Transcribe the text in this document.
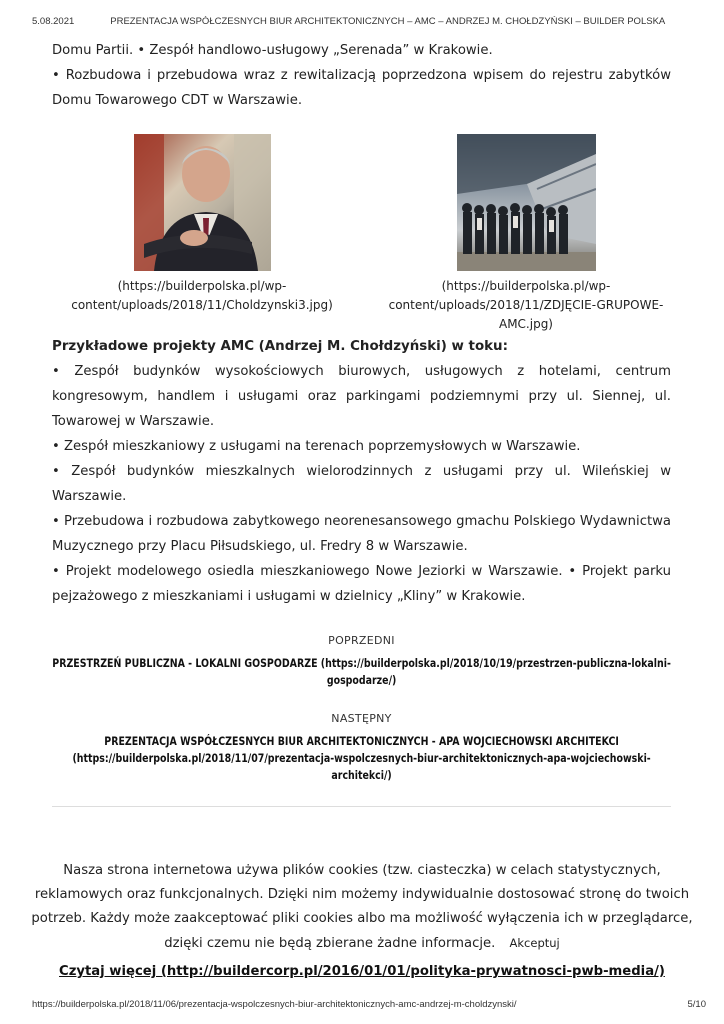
5.08.2021	PREZENTACJA WSPÓŁCZESNYCH BIUR ARCHITEKTONICZNYCH – AMC – ANDRZEJ M. CHOŁDZYŃSKI – BUILDER POLSKA

Domu Partii. • Zespół handlowo-usługowy „Serenada” w Krakowie.

• Rozbudowa i przebudowa wraz z rewitalizacją poprzedzona wpisem do rejestru zabytków Domu Towarowego CDT w Warszawie.

(https://builderpolska.pl/wp-content/uploads/2018/11/Choldzynski3.jpg)
(https://builderpolska.pl/wp-content/uploads/2018/11/ZDJĘCIE-GRUPOWE-AMC.jpg)

Przykładowe projekty AMC (Andrzej M. Chołdzyński) w toku:

• Zespół budynków wysokościowych biurowych, usługowych z hotelami, centrum kongresowym, handlem i usługami oraz parkingami podziemnymi przy ul. Siennej, ul. Towarowej w Warszawie.

• Zespół mieszkaniowy z usługami na terenach poprzemysłowych w Warszawie.

• Zespół budynków mieszkalnych wielorodzinnych z usługami przy ul. Wileńskiej w Warszawie.

• Przebudowa i rozbudowa zabytkowego neorenesansowego gmachu Polskiego Wydawnictwa Muzycznego przy Placu Piłsudskiego, ul. Fredry 8 w Warszawie.

• Projekt modelowego osiedla mieszkaniowego Nowe Jeziorki w Warszawie. • Projekt parku pejzażowego z mieszkaniami i usługami w dzielnicy „Kliny” w Krakowie.

POPRZEDNI
PRZESTRZEŃ PUBLICZNA - LOKALNI GOSPODARZE (https://builderpolska.pl/2018/10/19/przestrzen-publiczna-lokalni-gospodarze/)
NASTĘPNY
PREZENTACJA WSPÓŁCZESNYCH BIUR ARCHITEKTONICZNYCH - APA WOJCIECHOWSKI ARCHITEKCI (https://builderpolska.pl/2018/11/07/prezentacja-wspolczesnych-biur-architektonicznych-apa-wojciechowski-architekci/)
Nasza strona internetowa używa plików cookies (tzw. ciasteczka) w celach statystycznych, reklamowych oraz funkcjonalnych. Dzięki nim możemy indywidualnie dostosować stronę do twoich potrzeb. Każdy może zaakceptować pliki cookies albo ma możliwość wyłączenia ich w przeglądarce, dzięki czemu nie będą zbierane żadne informacje. Akceptuj
Czytaj więcej (http://buildercorp.pl/2016/01/01/polityka-prywatnosci-pwb-media/)
https://builderpolska.pl/2018/11/06/prezentacja-wspolczesnych-biur-architektonicznych-amc-andrzej-m-choldzynski/	5/10
